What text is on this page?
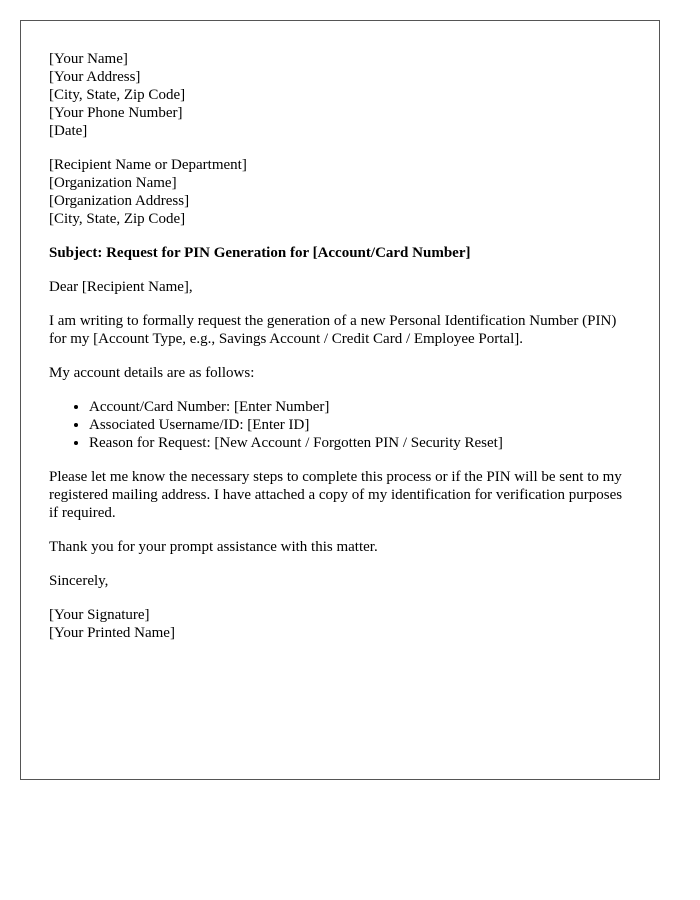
[Your Name]
[Your Address]
[City, State, Zip Code]
[Your Phone Number]
[Date]
[Recipient Name or Department]
[Organization Name]
[Organization Address]
[City, State, Zip Code]
Subject: Request for PIN Generation for [Account/Card Number]

Dear [Recipient Name],

I am writing to formally request the generation of a new Personal Identification Number (PIN) for my [Account Type, e.g., Savings Account / Credit Card / Employee Portal].

My account details are as follows:

• Account/Card Number: [Enter Number]
• Associated Username/ID: [Enter ID]
• Reason for Request: [New Account / Forgotten PIN / Security Reset]

Please let me know the necessary steps to complete this process or if the PIN will be sent to my registered mailing address. I have attached a copy of my identification for verification purposes if required.

Thank you for your prompt assistance with this matter.

Sincerely,

[Your Signature]
[Your Printed Name]
